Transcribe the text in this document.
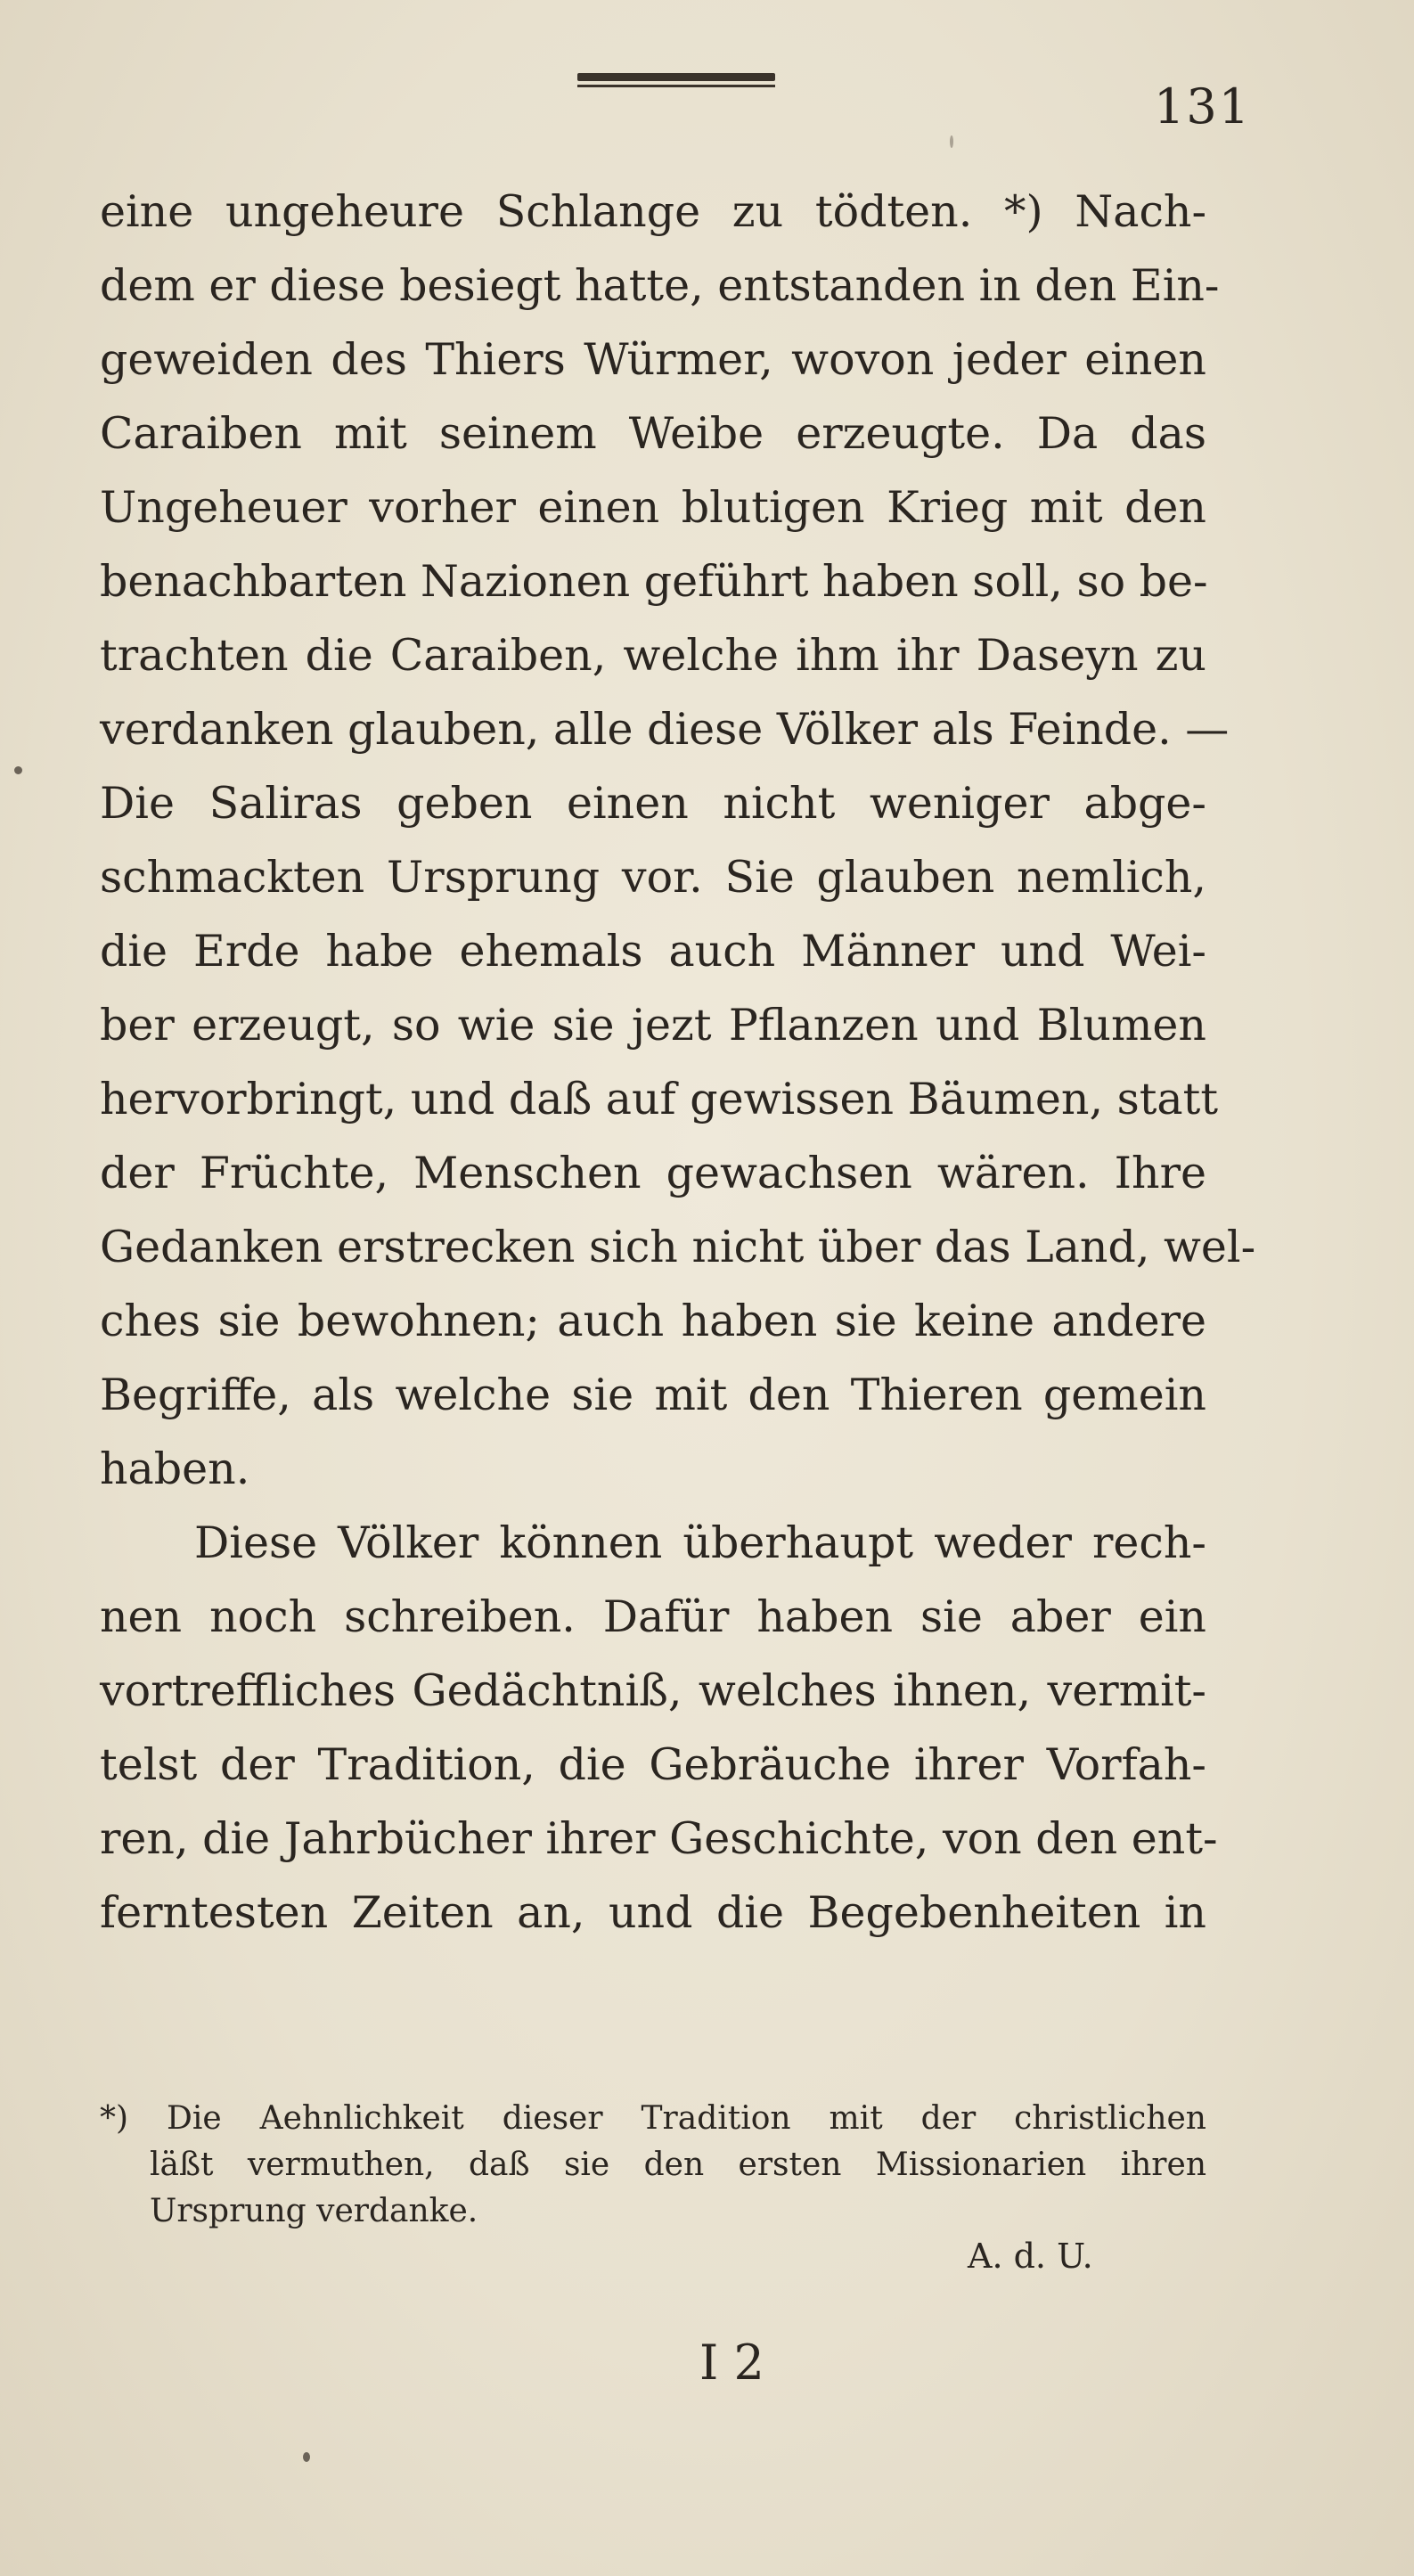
131
eine ungeheure Schlange zu tödten. *) Nach-
dem er diese besiegt hatte, entstanden in den Ein-
geweiden des Thiers Würmer, wovon jeder einen
Caraiben mit seinem Weibe erzeugte. Da das
Ungeheuer vorher einen blutigen Krieg mit den
benachbarten Nazionen geführt haben soll, so be-
trachten die Caraiben, welche ihm ihr Daseyn zu
verdanken glauben, alle diese Völker als Feinde. —
Die Saliras geben einen nicht weniger abge-
schmackten Ursprung vor. Sie glauben nemlich,
die Erde habe ehemals auch Männer und Wei-
ber erzeugt, so wie sie jezt Pflanzen und Blumen
hervorbringt, und daß auf gewissen Bäumen, statt
der Früchte, Menschen gewachsen wären. Ihre
Gedanken erstrecken sich nicht über das Land, wel-
ches sie bewohnen; auch haben sie keine andere
Begriffe, als welche sie mit den Thieren gemein
haben.
Diese Völker können überhaupt weder rech-
nen noch schreiben. Dafür haben sie aber ein
vortreffliches Gedächtniß, welches ihnen, vermit-
telst der Tradition, die Gebräuche ihrer Vorfah-
ren, die Jahrbücher ihrer Geschichte, von den ent-
ferntesten Zeiten an, und die Begebenheiten in
*) Die Aehnlichkeit dieser Tradition mit der christlichen
läßt vermuthen, daß sie den ersten Missionarien ihren
Ursprung verdanke.
A. d. U.
I 2
